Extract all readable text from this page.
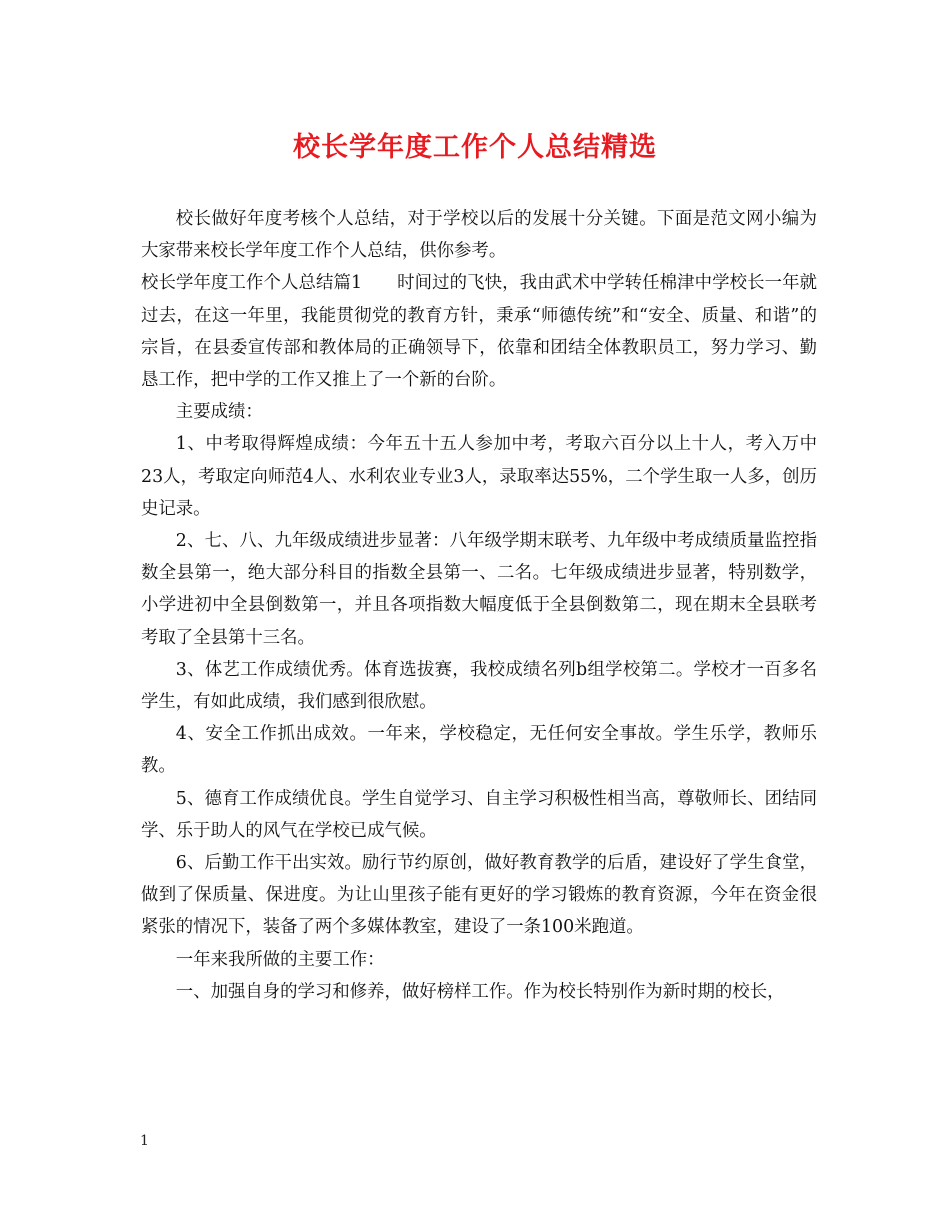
校长学年度工作个人总结精选

校长做好年度考核个人总结，对于学校以后的发展十分关键。下面是范文网小编为大家带来校长学年度工作个人总结，供你参考。

校长学年度工作个人总结篇1　　时间过的飞快，我由武术中学转任棉津中学校长一年就过去，在这一年里，我能贯彻党的教育方针，秉承“师德传统”和“安全、质量、和谐”的宗旨，在县委宣传部和教体局的正确领导下，依靠和团结全体教职员工，努力学习、勤恳工作，把中学的工作又推上了一个新的台阶。

主要成绩：

1、中考取得辉煌成绩：今年五十五人参加中考，考取六百分以上十人，考入万中23人，考取定向师范4人、水利农业专业3人，录取率达55%，二个学生取一人多，创历史记录。

2、七、八、九年级成绩进步显著：八年级学期末联考、九年级中考成绩质量监控指数全县第一，绝大部分科目的指数全县第一、二名。七年级成绩进步显著，特别数学，小学进初中全县倒数第一，并且各项指数大幅度低于全县倒数第二，现在期末全县联考考取了全县第十三名。

3、体艺工作成绩优秀。体育选拔赛，我校成绩名列b组学校第二。学校才一百多名学生，有如此成绩，我们感到很欣慰。

4、安全工作抓出成效。一年来，学校稳定，无任何安全事故。学生乐学，教师乐教。

5、德育工作成绩优良。学生自觉学习、自主学习积极性相当高，尊敬师长、团结同学、乐于助人的风气在学校已成气候。

6、后勤工作干出实效。励行节约原创，做好教育教学的后盾，建设好了学生食堂，做到了保质量、保进度。为让山里孩子能有更好的学习锻炼的教育资源，今年在资金很紧张的情况下，装备了两个多媒体教室，建设了一条100米跑道。

一年来我所做的主要工作：

一、加强自身的学习和修养，做好榜样工作。作为校长特别作为新时期的校长，

1
